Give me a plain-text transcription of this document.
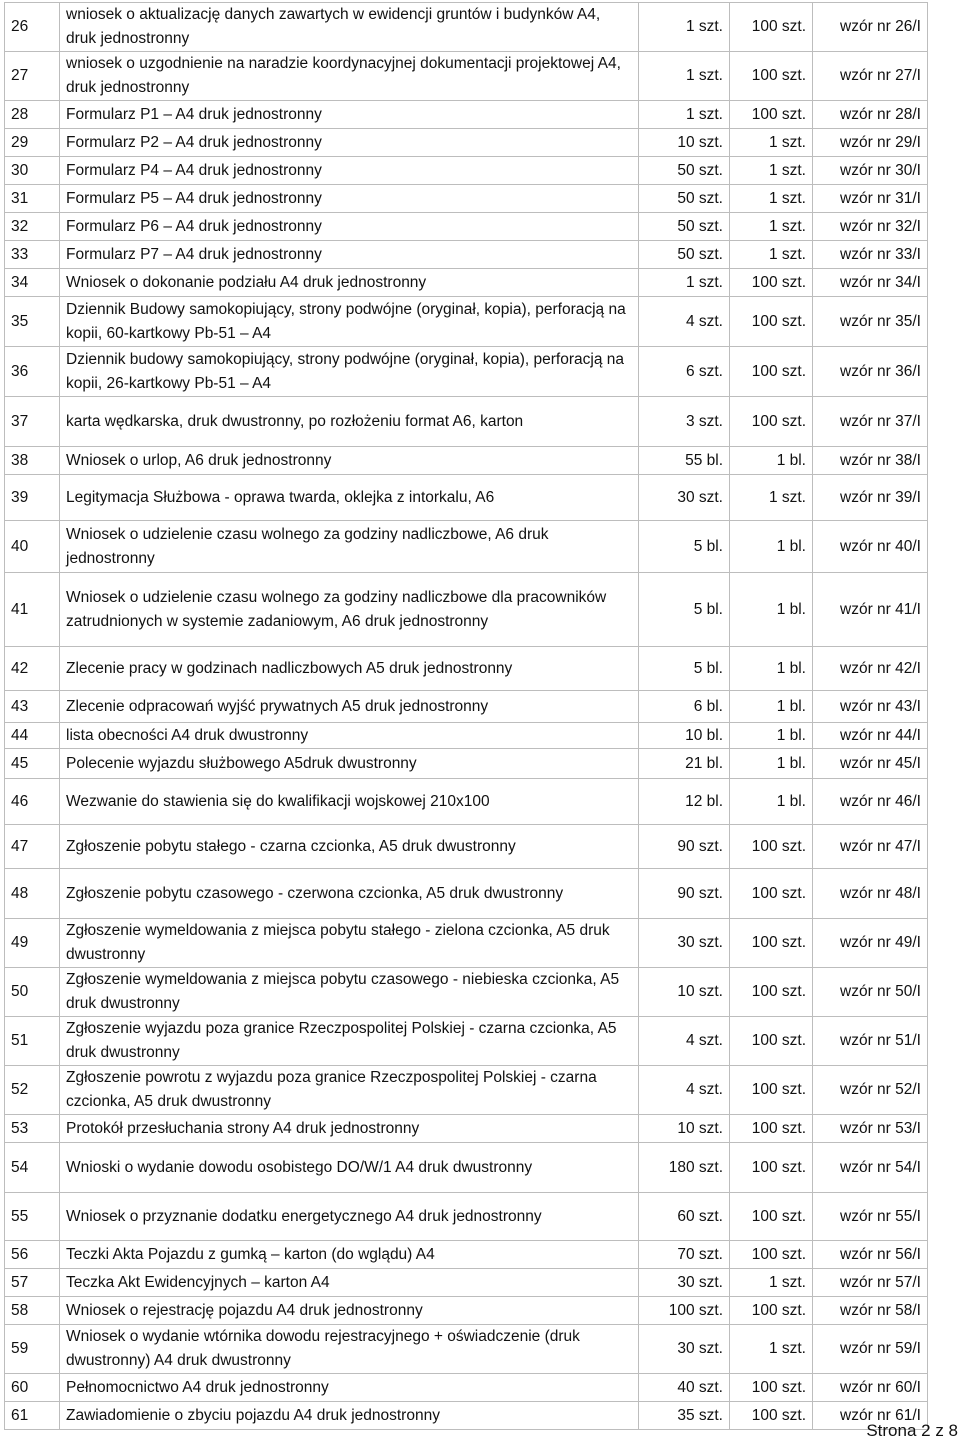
26	wniosek o aktualizację danych zawartych w ewidencji gruntów i budynków A4, druk jednostronny	1 szt.	100 szt.	wzór nr 26/I
27	wniosek o uzgodnienie na naradzie koordynacyjnej dokumentacji projektowej A4, druk jednostronny	1 szt.	100 szt.	wzór nr 27/I
28	Formularz P1 – A4 druk jednostronny	1 szt.	100 szt.	wzór nr 28/I
29	Formularz P2 – A4 druk jednostronny	10 szt.	1 szt.	wzór nr 29/I
30	Formularz P4 – A4 druk jednostronny	50 szt.	1 szt.	wzór nr 30/I
31	Formularz P5 – A4 druk jednostronny	50 szt.	1 szt.	wzór nr 31/I
32	Formularz P6 – A4 druk jednostronny	50 szt.	1 szt.	wzór nr 32/I
33	Formularz P7 – A4 druk jednostronny	50 szt.	1 szt.	wzór nr 33/I
34	Wniosek o dokonanie podziału A4 druk jednostronny	1 szt.	100 szt.	wzór nr 34/I
35	Dziennik Budowy samokopiujący, strony podwójne (oryginał, kopia), perforacją na kopii, 60-kartkowy Pb-51 – A4	4 szt.	100 szt.	wzór nr 35/I
36	Dziennik budowy samokopiujący, strony podwójne (oryginał, kopia), perforacją na kopii, 26-kartkowy Pb-51 – A4	6 szt.	100 szt.	wzór nr 36/I
37	karta wędkarska, druk dwustronny, po rozłożeniu format A6, karton	3 szt.	100 szt.	wzór nr 37/I
38	Wniosek o urlop, A6 druk jednostronny	55 bl.	1 bl.	wzór nr 38/I
39	Legitymacja Służbowa - oprawa twarda, oklejka z intorkalu, A6	30 szt.	1 szt.	wzór nr 39/I
40	Wniosek o udzielenie czasu wolnego za godziny nadliczbowe, A6 druk jednostronny	5 bl.	1 bl.	wzór nr 40/I
41	Wniosek o udzielenie czasu wolnego za godziny nadliczbowe dla pracowników zatrudnionych w systemie zadaniowym, A6 druk jednostronny	5 bl.	1 bl.	wzór nr 41/I
42	Zlecenie pracy w godzinach nadliczbowych A5 druk jednostronny	5 bl.	1 bl.	wzór nr 42/I
43	Zlecenie odpracowań wyjść prywatnych A5 druk jednostronny	6 bl.	1 bl.	wzór nr 43/I
44	lista obecności A4 druk dwustronny	10 bl.	1 bl.	wzór nr 44/I
45	Polecenie wyjazdu służbowego A5druk dwustronny	21 bl.	1 bl.	wzór nr 45/I
46	Wezwanie do stawienia się do kwalifikacji wojskowej 210x100	12 bl.	1 bl.	wzór nr 46/I
47	Zgłoszenie pobytu stałego - czarna czcionka, A5 druk dwustronny	90 szt.	100 szt.	wzór nr 47/I
48	Zgłoszenie pobytu czasowego - czerwona czcionka, A5 druk dwustronny	90 szt.	100 szt.	wzór nr 48/I
49	Zgłoszenie wymeldowania z miejsca pobytu stałego - zielona czcionka, A5 druk dwustronny	30 szt.	100 szt.	wzór nr 49/I
50	Zgłoszenie wymeldowania z miejsca pobytu czasowego - niebieska czcionka, A5 druk dwustronny	10 szt.	100 szt.	wzór nr 50/I
51	Zgłoszenie wyjazdu poza granice Rzeczpospolitej Polskiej - czarna czcionka, A5 druk dwustronny	4 szt.	100 szt.	wzór nr 51/I
52	Zgłoszenie powrotu z wyjazdu poza granice Rzeczpospolitej Polskiej - czarna czcionka, A5 druk dwustronny	4 szt.	100 szt.	wzór nr 52/I
53	Protokół przesłuchania strony A4 druk jednostronny	10 szt.	100 szt.	wzór nr 53/I
54	Wnioski o wydanie dowodu osobistego DO/W/1 A4 druk dwustronny	180 szt.	100 szt.	wzór nr 54/I
55	Wniosek o przyznanie dodatku energetycznego A4 druk jednostronny	60 szt.	100 szt.	wzór nr 55/I
56	Teczki Akta Pojazdu z gumką – karton (do wglądu) A4	70 szt.	100 szt.	wzór nr 56/I
57	Teczka Akt Ewidencyjnych – karton A4	30 szt.	1 szt.	wzór nr 57/I
58	Wniosek o rejestrację pojazdu A4 druk jednostronny	100 szt.	100 szt.	wzór nr 58/I
59	Wniosek o wydanie wtórnika dowodu rejestracyjnego + oświadczenie (druk dwustronny) A4 druk dwustronny	30 szt.	1 szt.	wzór nr 59/I
60	Pełnomocnictwo A4 druk jednostronny	40 szt.	100 szt.	wzór nr 60/I
61	Zawiadomienie o zbyciu pojazdu A4 druk jednostronny	35 szt.	100 szt.	wzór nr 61/I
Strona 2 z 8
